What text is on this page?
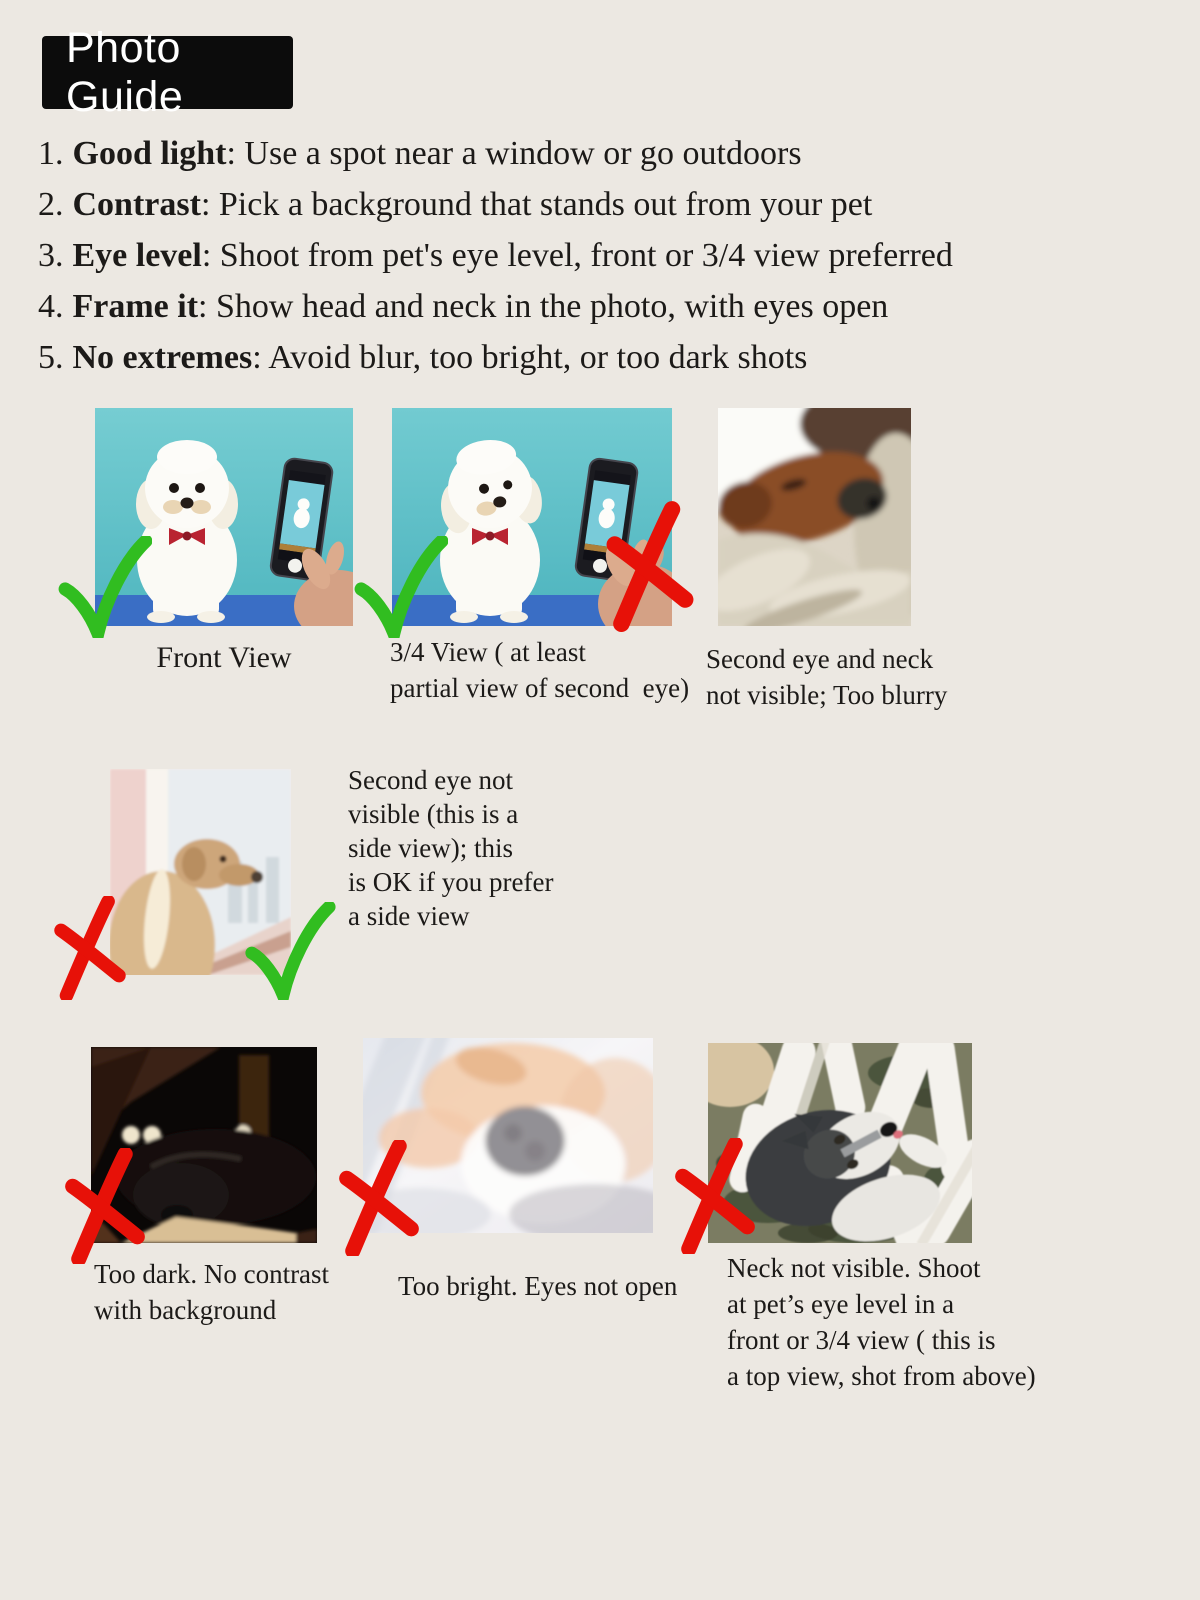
Photo Guide
1. Good light: Use a spot near a window or go outdoors
2. Contrast: Pick a background that stands out from your pet
3. Eye level: Shoot from pet's eye level, front or 3/4 view preferred
4. Frame it: Show head and neck in the photo, with eyes open
5. No extremes: Avoid blur, too bright, or too dark shots
Front View	3/4 View ( at least
partial view of second  eye)
Second eye and neck
not visible; Too blurry
Second eye not
visible (this is a
side view); this
is OK if you prefer
a side view
Too dark. No contrast
with background
Too bright. Eyes not open
Neck not visible. Shoot
at pet’s eye level in a
front or 3/4 view ( this is
a top view, shot from above)
